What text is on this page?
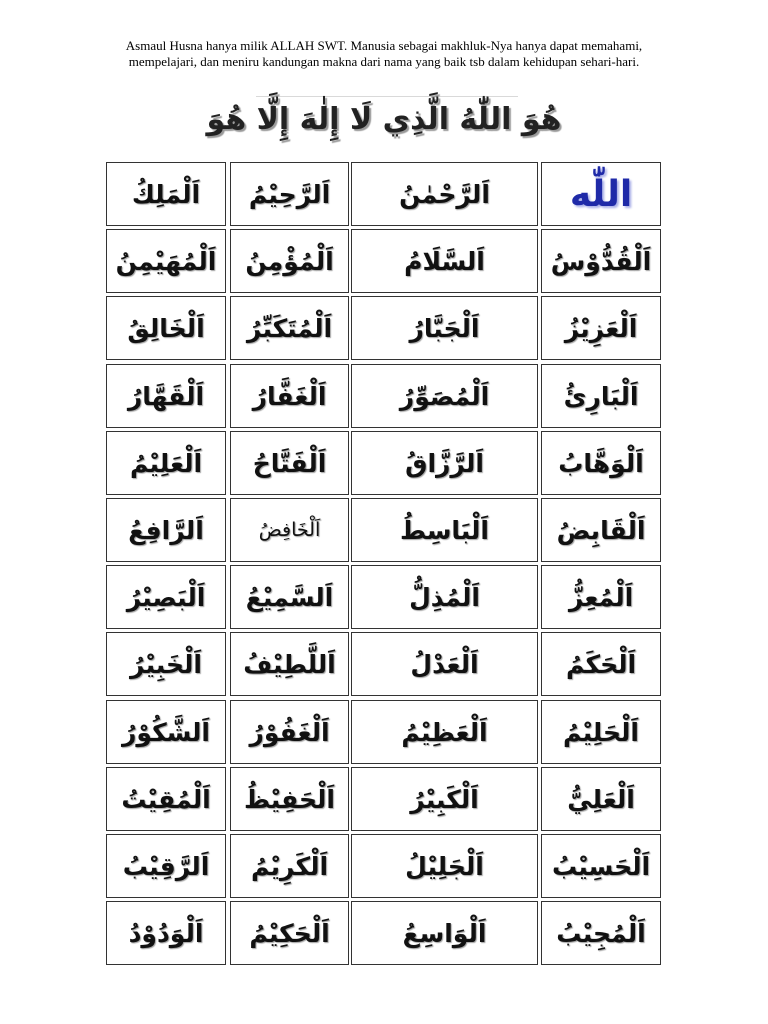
Asmaul Husna hanya milik ALLAH SWT. Manusia sebagai makhluk-Nya hanya dapat memahami,
mempelajari, dan meniru kandungan makna dari nama yang baik tsb dalam kehidupan sehari-hari.
هُوَ اللّٰهُ الَّذِي لَا إِلٰهَ إِلَّا هُوَ
اللّٰه
اَلرَّحْمٰنُ
اَلرَّحِيْمُ
اَلْمَلِكُ
اَلْقُدُّوْسُ
اَلسَّلَامُ
اَلْمُؤْمِنُ
اَلْمُهَيْمِنُ
اَلْعَزِيْزُ
اَلْجَبَّارُ
اَلْمُتَكَبِّرُ
اَلْخَالِقُ
اَلْبَارِئُ
اَلْمُصَوِّرُ
اَلْغَفَّارُ
اَلْقَهَّارُ
اَلْوَهَّابُ
اَلرَّزَّاقُ
اَلْفَتَّاحُ
اَلْعَلِيْمُ
اَلْقَابِضُ
اَلْبَاسِطُ
اَلْخَافِضُ
اَلرَّافِعُ
اَلْمُعِزُّ
اَلْمُذِلُّ
اَلسَّمِيْعُ
اَلْبَصِيْرُ
اَلْحَكَمُ
اَلْعَدْلُ
اَللَّطِيْفُ
اَلْخَبِيْرُ
اَلْحَلِيْمُ
اَلْعَظِيْمُ
اَلْغَفُوْرُ
اَلشَّكُوْرُ
اَلْعَلِيُّ
اَلْكَبِيْرُ
اَلْحَفِيْظُ
اَلْمُقِيْتُ
اَلْحَسِيْبُ
اَلْجَلِيْلُ
اَلْكَرِيْمُ
اَلرَّقِيْبُ
اَلْمُجِيْبُ
اَلْوَاسِعُ
اَلْحَكِيْمُ
اَلْوَدُوْدُ
